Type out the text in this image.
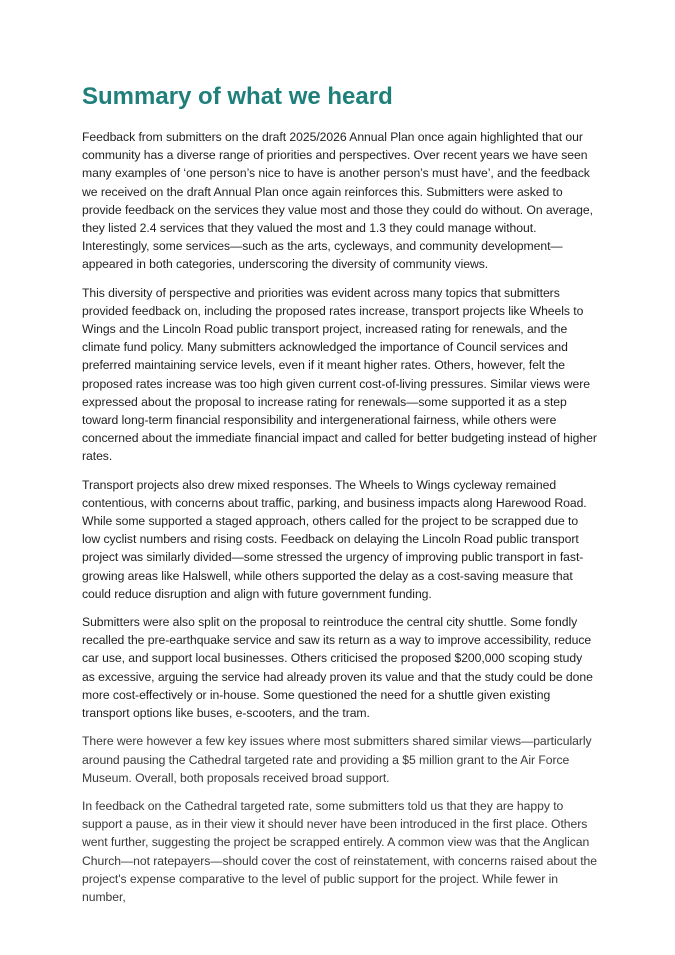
Summary of what we heard

Feedback from submitters on the draft 2025/2026 Annual Plan once again highlighted that our community has a diverse range of priorities and perspectives. Over recent years we have seen many examples of ‘one person’s nice to have is another person’s must have’, and the feedback we received on the draft Annual Plan once again reinforces this. Submitters were asked to provide feedback on the services they value most and those they could do without. On average, they listed 2.4 services that they valued the most and 1.3 they could manage without. Interestingly, some services—such as the arts, cycleways, and community development—appeared in both categories, underscoring the diversity of community views.

This diversity of perspective and priorities was evident across many topics that submitters provided feedback on, including the proposed rates increase, transport projects like Wheels to Wings and the Lincoln Road public transport project, increased rating for renewals, and the climate fund policy. Many submitters acknowledged the importance of Council services and preferred maintaining service levels, even if it meant higher rates. Others, however, felt the proposed rates increase was too high given current cost-of-living pressures. Similar views were expressed about the proposal to increase rating for renewals—some supported it as a step toward long-term financial responsibility and intergenerational fairness, while others were concerned about the immediate financial impact and called for better budgeting instead of higher rates.

Transport projects also drew mixed responses. The Wheels to Wings cycleway remained contentious, with concerns about traffic, parking, and business impacts along Harewood Road. While some supported a staged approach, others called for the project to be scrapped due to low cyclist numbers and rising costs. Feedback on delaying the Lincoln Road public transport project was similarly divided—some stressed the urgency of improving public transport in fast-growing areas like Halswell, while others supported the delay as a cost-saving measure that could reduce disruption and align with future government funding.

Submitters were also split on the proposal to reintroduce the central city shuttle. Some fondly recalled the pre-earthquake service and saw its return as a way to improve accessibility, reduce car use, and support local businesses. Others criticised the proposed $200,000 scoping study as excessive, arguing the service had already proven its value and that the study could be done more cost-effectively or in-house. Some questioned the need for a shuttle given existing transport options like buses, e-scooters, and the tram.

There were however a few key issues where most submitters shared similar views—particularly around pausing the Cathedral targeted rate and providing a $5 million grant to the Air Force Museum. Overall, both proposals received broad support.

In feedback on the Cathedral targeted rate, some submitters told us that they are happy to support a pause, as in their view it should never have been introduced in the first place. Others went further, suggesting the project be scrapped entirely. A common view was that the Anglican Church—not ratepayers—should cover the cost of reinstatement, with concerns raised about the project's expense comparative to the level of public support for the project. While fewer in number,
